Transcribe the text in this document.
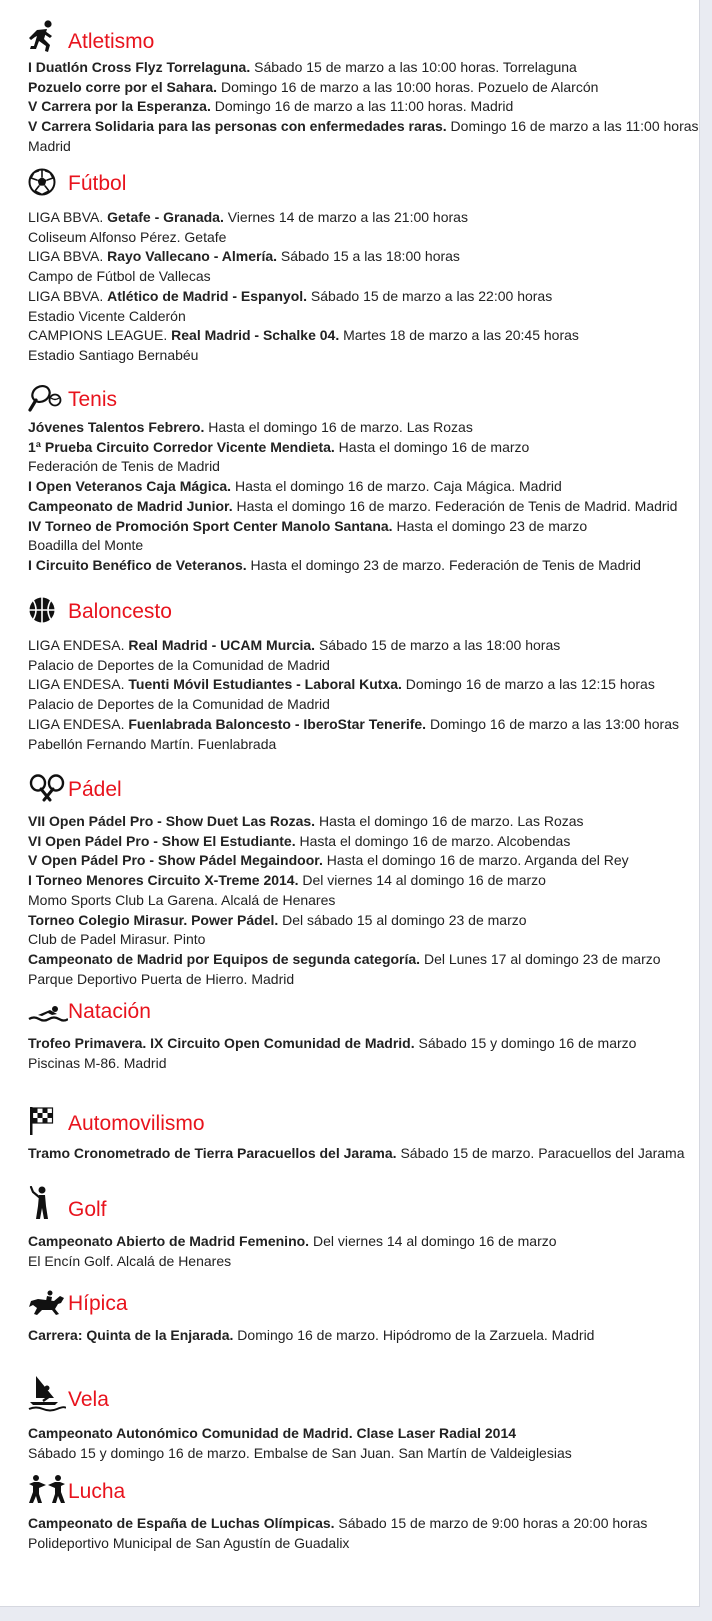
Atletismo
I Duatlón Cross Flyz Torrelaguna. Sábado 15 de marzo a las 10:00 horas. Torrelaguna
Pozuelo corre por el Sahara. Domingo 16 de marzo a las 10:00 horas. Pozuelo de Alarcón
V Carrera por la Esperanza. Domingo 16 de marzo a las 11:00 horas. Madrid
V Carrera Solidaria para las personas con enfermedades raras. Domingo 16 de marzo a las 11:00 horas
Madrid
Fútbol
LIGA BBVA. Getafe - Granada. Viernes 14 de marzo a las 21:00 horas
Coliseum Alfonso Pérez. Getafe
LIGA BBVA. Rayo Vallecano - Almería. Sábado 15 a las 18:00 horas
Campo de Fútbol de Vallecas
LIGA BBVA. Atlético de Madrid - Espanyol. Sábado 15 de marzo a las 22:00 horas
Estadio Vicente Calderón
CAMPIONS LEAGUE. Real Madrid - Schalke 04. Martes 18 de marzo a las 20:45 horas
Estadio Santiago Bernabéu
Tenis
Jóvenes Talentos Febrero. Hasta el domingo 16 de marzo. Las Rozas
1ª Prueba Circuito Corredor Vicente Mendieta. Hasta el domingo 16 de marzo
Federación de Tenis de Madrid
I Open Veteranos Caja Mágica. Hasta el domingo 16 de marzo. Caja Mágica. Madrid
Campeonato de Madrid Junior. Hasta el domingo 16 de marzo. Federación de Tenis de Madrid. Madrid
IV Torneo de Promoción Sport Center Manolo Santana. Hasta el domingo 23 de marzo
Boadilla del Monte
I Circuito Benéfico de Veteranos. Hasta el domingo 23 de marzo. Federación de Tenis de Madrid
Baloncesto
LIGA ENDESA. Real Madrid - UCAM Murcia. Sábado 15 de marzo a las 18:00 horas
Palacio de Deportes de la Comunidad de Madrid
LIGA ENDESA. Tuenti Móvil Estudiantes - Laboral Kutxa. Domingo 16 de marzo a las 12:15 horas
Palacio de Deportes de la Comunidad de Madrid
LIGA ENDESA. Fuenlabrada Baloncesto - IberoStar Tenerife. Domingo 16 de marzo a las 13:00 horas
Pabellón Fernando Martín. Fuenlabrada
Pádel
VII Open Pádel Pro - Show Duet Las Rozas. Hasta el domingo 16 de marzo. Las Rozas
VI Open Pádel Pro - Show El Estudiante. Hasta el domingo 16 de marzo. Alcobendas
V Open Pádel Pro - Show Pádel Megaindoor. Hasta el domingo 16 de marzo. Arganda del Rey
I Torneo Menores Circuito X-Treme 2014. Del viernes 14 al domingo 16 de marzo
Momo Sports Club La Garena. Alcalá de Henares
Torneo Colegio Mirasur. Power Pádel. Del sábado 15 al domingo 23 de marzo
Club de Padel Mirasur. Pinto
Campeonato de Madrid por Equipos de segunda categoría. Del Lunes 17 al domingo 23 de marzo
Parque Deportivo Puerta de Hierro. Madrid
Natación
Trofeo Primavera. IX Circuito Open Comunidad de Madrid. Sábado 15 y domingo 16 de marzo
Piscinas M-86. Madrid
Automovilismo
Tramo Cronometrado de Tierra Paracuellos del Jarama. Sábado 15 de marzo. Paracuellos del Jarama
Golf
Campeonato Abierto de Madrid Femenino. Del viernes 14 al domingo 16 de marzo
El Encín Golf. Alcalá de Henares
Hípica
Carrera: Quinta de la Enjarada. Domingo 16 de marzo. Hipódromo de la Zarzuela. Madrid
Vela
Campeonato Autonómico Comunidad de Madrid. Clase Laser Radial 2014
Sábado 15 y domingo 16 de marzo. Embalse de San Juan. San Martín de Valdeiglesias
Lucha
Campeonato de España de Luchas Olímpicas. Sábado 15 de marzo de 9:00 horas a 20:00 horas
Polideportivo Municipal de San Agustín de Guadalix
